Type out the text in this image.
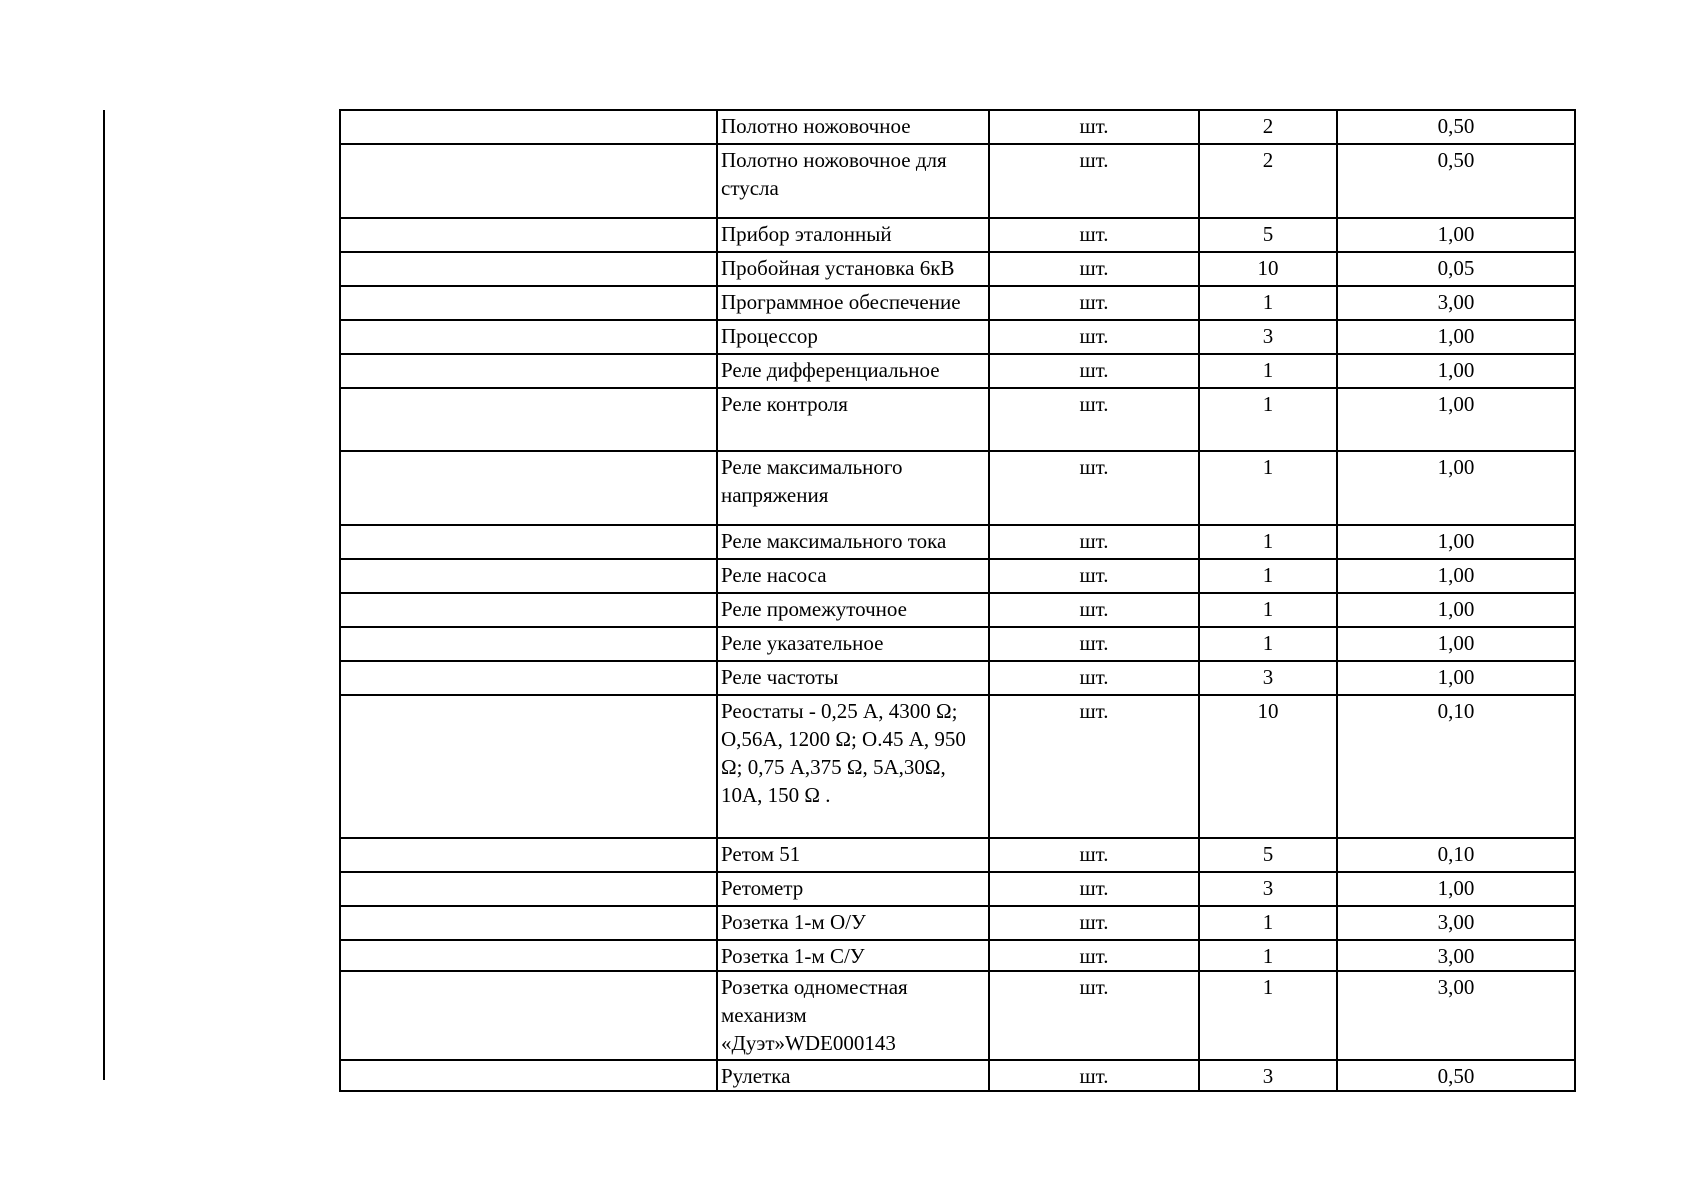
	Полотно ножовочное	шт.	2	0,50
	Полотно ножовочное для стусла	шт.	2	0,50
	Прибор эталонный	шт.	5	1,00
	Пробойная установка 6кВ	шт.	10	0,05
	Программное обеспечение	шт.	1	3,00
	Процессор	шт.	3	1,00
	Реле дифференциальное	шт.	1	1,00
	Реле контроля	шт.	1	1,00
	Реле максимального напряжения	шт.	1	1,00
	Реле максимального тока	шт.	1	1,00
	Реле насоса	шт.	1	1,00
	Реле промежуточное	шт.	1	1,00
	Реле указательное	шт.	1	1,00
	Реле частоты	шт.	3	1,00
	Реостаты - 0,25 А, 4300 Ω; О,56А, 1200 Ω; О.45 А, 950 Ω; 0,75 А,375 Ω, 5А,30Ω, 10А, 150 Ω .	шт.	10	0,10
	Ретом 51	шт.	5	0,10
	Ретометр	шт.	3	1,00
	Розетка 1-м О/У	шт.	1	3,00
	Розетка 1-м С/У	шт.	1	3,00
	Розетка одноместная механизм «Дуэт»WDE000143	шт.	1	3,00
	Рулетка	шт.	3	0,50
